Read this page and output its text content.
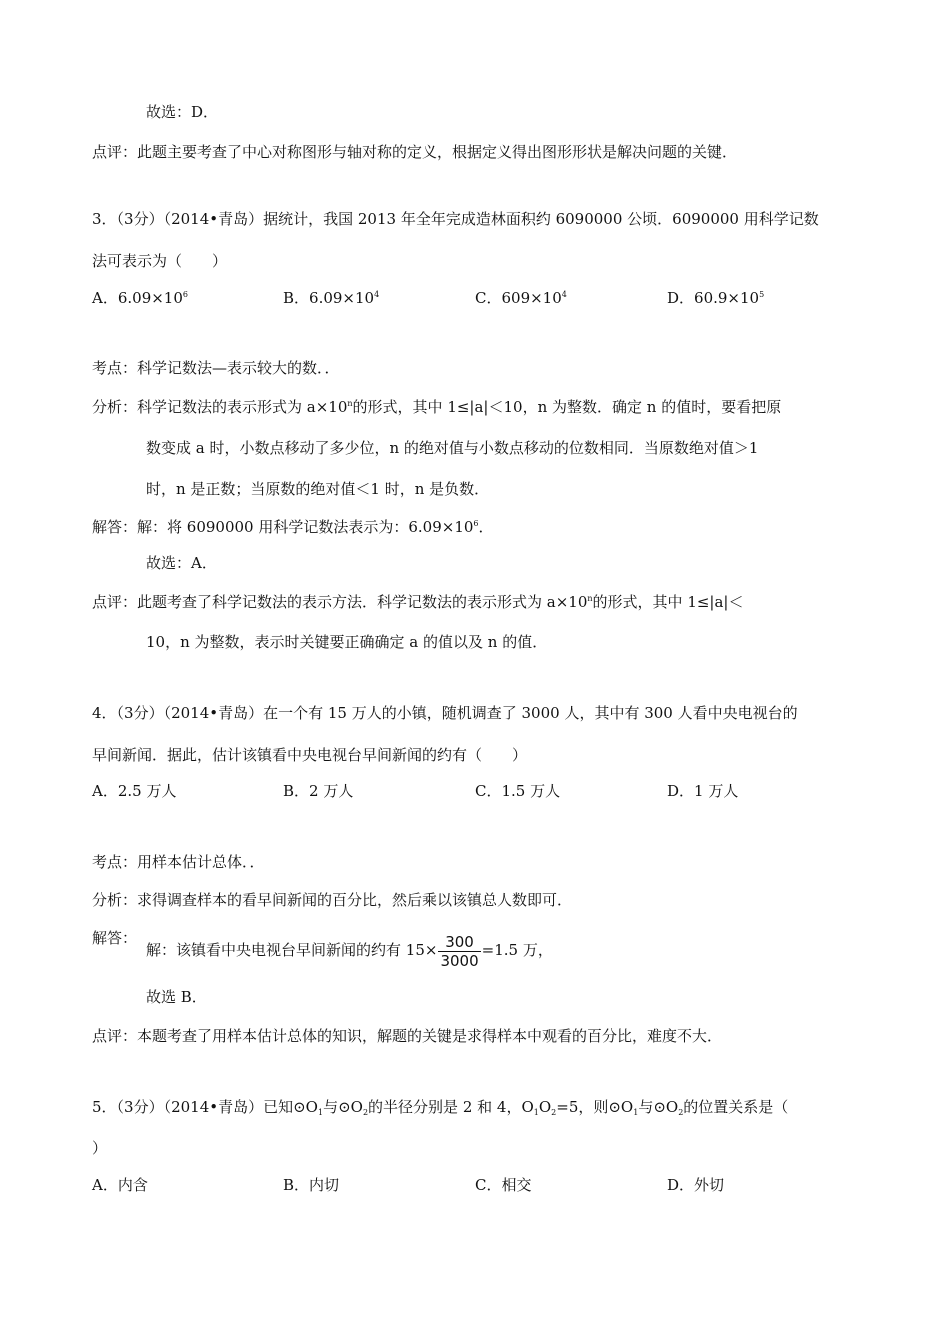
故选：D．
点评：此题主要考查了中心对称图形与轴对称的定义，根据定义得出图形形状是解决问题的关键．
3．（3分）（2014•青岛）据统计，我国 2013 年全年完成造林面积约 6090000 公顷．6090000 用科学记数
法可表示为（　　）
A．$6.09\times 10^6$	B．$6.09\times 10^4$	C．$609\times 10^4$	D．$60.9\times 10^5$
考点：科学记数法—表示较大的数．．
分析：科学记数法的表示形式为 $a\times 10^n$的形式，其中 1≤|a|＜10，n 为整数．确定 n 的值时，要看把原
数变成 a 时，小数点移动了多少位，n 的绝对值与小数点移动的位数相同．当原数绝对值＞1
时，n 是正数；当原数的绝对值＜1 时，n 是负数．
解答：解：将 6090000 用科学记数法表示为：$6.09\times 10^6$．
故选：A．
点评：此题考查了科学记数法的表示方法．科学记数法的表示形式为 $a\times 10^n$的形式，其中 1≤|a|＜
10，n 为整数，表示时关键要正确确定 a 的值以及 n 的值．
4．（3分）（2014•青岛）在一个有 15 万人的小镇，随机调查了 3000 人，其中有 300 人看中央电视台的
早间新闻．据此，估计该镇看中央电视台早间新闻的约有（　　）
A．2.5 万人	B．2 万人	C．1.5 万人	D．1 万人
考点：用样本估计总体．．
分析：求得调查样本的看早间新闻的百分比，然后乘以该镇总人数即可．
解答：
解：该镇看中央电视台早间新闻的约有 $15\times \frac{300}{3000} =1.5$ 万，
故选 B．
点评：本题考查了用样本估计总体的知识，解题的关键是求得样本中观看的百分比，难度不大．
5．（3分）（2014•青岛）已知$⊙O_1$与$⊙O_2$的半径分别是 2 和 4，$O_1O_2=5$，则$⊙O_1$与$⊙O_2$的位置关系是（
）
A．内含	B．内切	C．相交	D．外切
